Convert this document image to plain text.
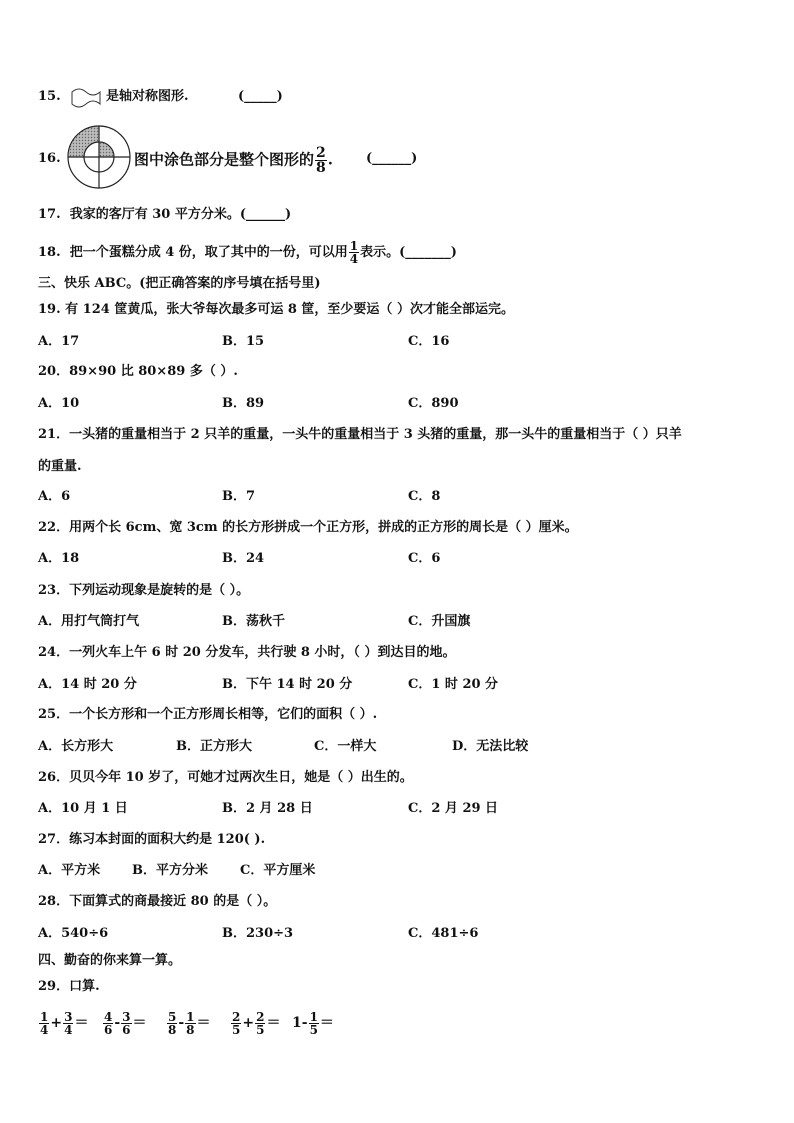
15.	是轴对称图形.	(_____)
16.	图中涂色部分是整个图形的 $\frac{2}{8}$ .	(______)
17. 我家的客厅有 30 平方分米。(______)
18. 把一个蛋糕分成 4 份，取了其中的一份，可以用 $\frac{1}{4}$ 表示。(_______)
三、快乐 ABC。(把正确答案的序号填在括号里)
19. 有 124 筐黄瓜，张大爷每次最多可运 8 筐，至少要运（ ）次才能全部运完。
A．17	B．15	C．16
20．89×90 比 80×89 多（ ）.
A．10	B．89	C．890
21．一头猪的重量相当于 2 只羊的重量，一头牛的重量相当于 3 头猪的重量，那一头牛的重量相当于（ ）只羊
的重量.
A．6	B．7	C．8
22．用两个长 6cm、宽 3cm 的长方形拼成一个正方形，拼成的正方形的周长是（ ）厘米。
A．18	B．24	C．6
23．下列运动现象是旋转的是（ ）。
A．用打气筒打气	B．荡秋千	C．升国旗
24．一列火车上午 6 时 20 分发车，共行驶 8 小时，（ ）到达目的地。
A．14 时 20 分	B．下午 14 时 20 分	C．1 时 20 分
25．一个长方形和一个正方形周长相等，它们的面积（ ）.
A．长方形大	B．正方形大	C．一样大	D．无法比较
26．贝贝今年 10 岁了，可她才过两次生日，她是（ ）出生的。
A．10 月 1 日	B．2 月 28 日	C．2 月 29 日
27．练习本封面的面积大约是 120( ).
A．平方米 B．平方分米 C．平方厘米
28．下面算式的商最接近 80 的是（ ）。
A．540÷6	B．230÷3	C．481÷6
四、勤奋的你来算一算。
29．口算.
$\frac{1}{4} + \frac{3}{4} = \frac{4}{6} - \frac{3}{6} = \frac{5}{8} - \frac{1}{8} = \frac{2}{5} + \frac{2}{5} = 1- \frac{1}{5}$ ＝
